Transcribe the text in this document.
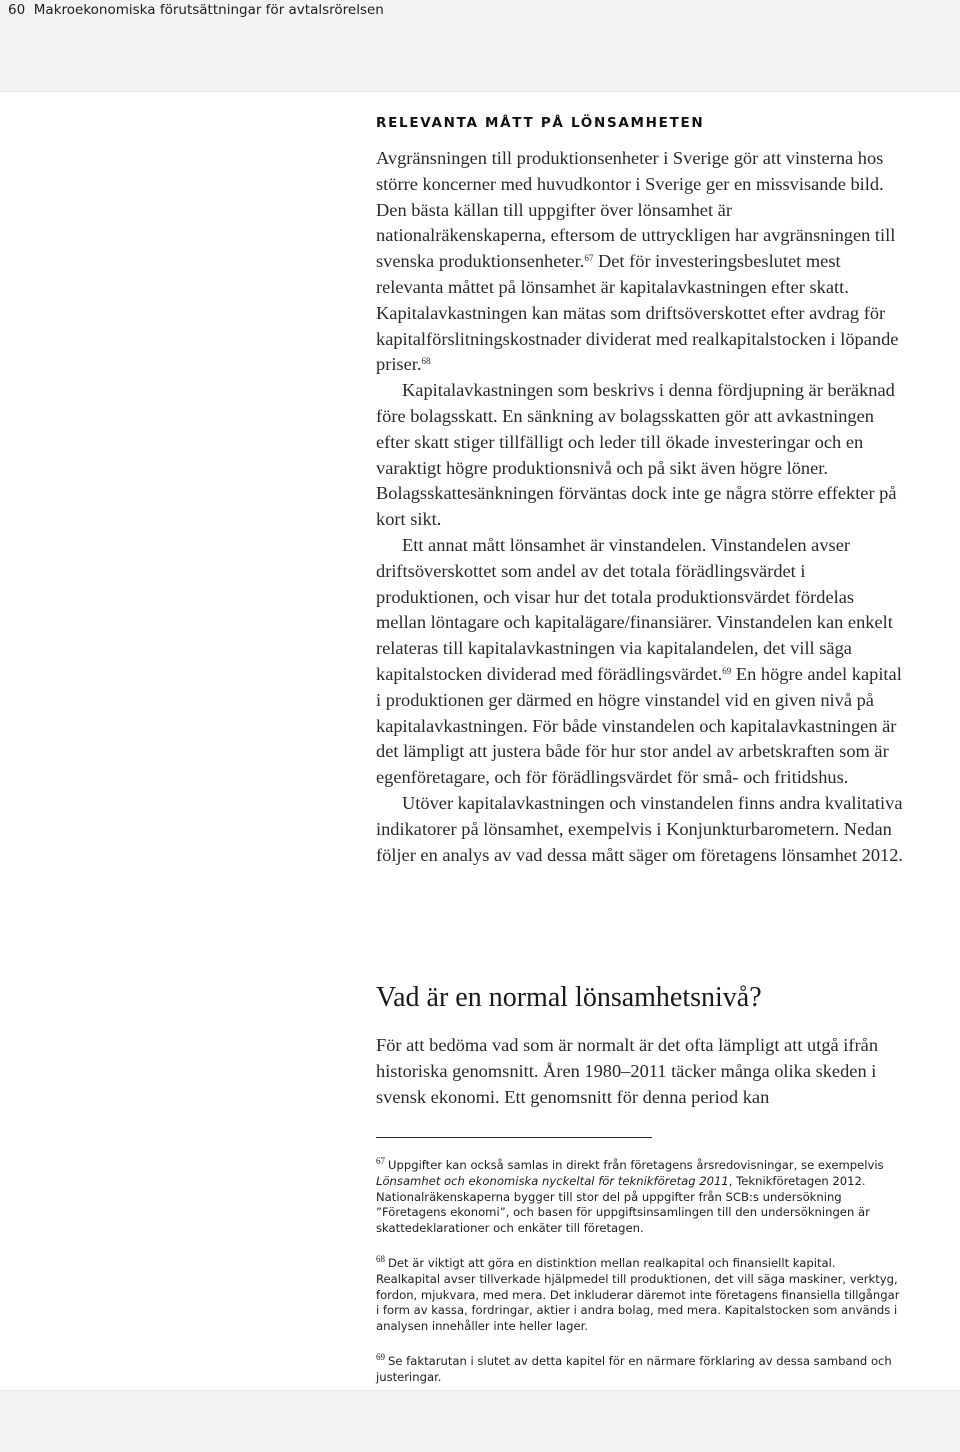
60 Makroekonomiska förutsättningar för avtalsrörelsen
RELEVANTA MÅTT PÅ LÖNSAMHETEN

Avgränsningen till produktionsenheter i Sverige gör att vinsterna hos större koncerner med huvudkontor i Sverige ger en missvisande bild. Den bästa källan till uppgifter över lönsamhet är nationalräkenskaperna, eftersom de uttryckligen har avgränsningen till svenska produktionsenheter.$^{67}$ Det för investeringsbeslutet mest relevanta måttet på lönsamhet är kapitalavkastningen efter skatt. Kapitalavkastningen kan mätas som driftsöverskottet efter avdrag för kapitalförslitningskostnader dividerat med realkapitalstocken i löpande priser.$^{68}$

Kapitalavkastningen som beskrivs i denna fördjupning är beräknad före bolagsskatt. En sänkning av bolagsskatten gör att avkastningen efter skatt stiger tillfälligt och leder till ökade investeringar och en varaktigt högre produktionsnivå och på sikt även högre löner. Bolagsskattesänkningen förväntas dock inte ge några större effekter på kort sikt.

Ett annat mått lönsamhet är vinstandelen. Vinstandelen avser driftsöverskottet som andel av det totala förädlingsvärdet i produktionen, och visar hur det totala produktionsvärdet fördelas mellan löntagare och kapitalägare/finansiärer. Vinstandelen kan enkelt relateras till kapitalavkastningen via kapitalandelen, det vill säga kapitalstocken dividerad med förädlingsvärdet.$^{69}$ En högre andel kapital i produktionen ger därmed en högre vinstandel vid en given nivå på kapitalavkastningen. För både vinstandelen och kapitalavkastningen är det lämpligt att justera både för hur stor andel av arbetskraften som är egenföretagare, och för förädlingsvärdet för små- och fritidshus.

Utöver kapitalavkastningen och vinstandelen finns andra kvalitativa indikatorer på lönsamhet, exempelvis i Konjunkturbarometern. Nedan följer en analys av vad dessa mått säger om företagens lönsamhet 2012.

Vad är en normal lönsamhetsnivå?

För att bedöma vad som är normalt är det ofta lämpligt att utgå ifrån historiska genomsnitt. Åren 1980–2011 täcker många olika skeden i svensk ekonomi. Ett genomsnitt för denna period kan

$^{67}$ Uppgifter kan också samlas in direkt från företagens årsredovisningar, se exempelvis Lönsamhet och ekonomiska nyckeltal för teknikföretag 2011, Teknikföretagen 2012. Nationalräkenskaperna bygger till stor del på uppgifter från SCB:s undersökning ”Företagens ekonomi”, och basen för uppgiftsinsamlingen till den undersökningen är skattedeklarationer och enkäter till företagen.

$^{68}$ Det är viktigt att göra en distinktion mellan realkapital och finansiellt kapital. Realkapital avser tillverkade hjälpmedel till produktionen, det vill säga maskiner, verktyg, fordon, mjukvara, med mera. Det inkluderar däremot inte företagens finansiella tillgångar i form av kassa, fordringar, aktier i andra bolag, med mera. Kapitalstocken som används i analysen innehåller inte heller lager.

$^{69}$ Se faktarutan i slutet av detta kapitel för en närmare förklaring av dessa samband och justeringar.
